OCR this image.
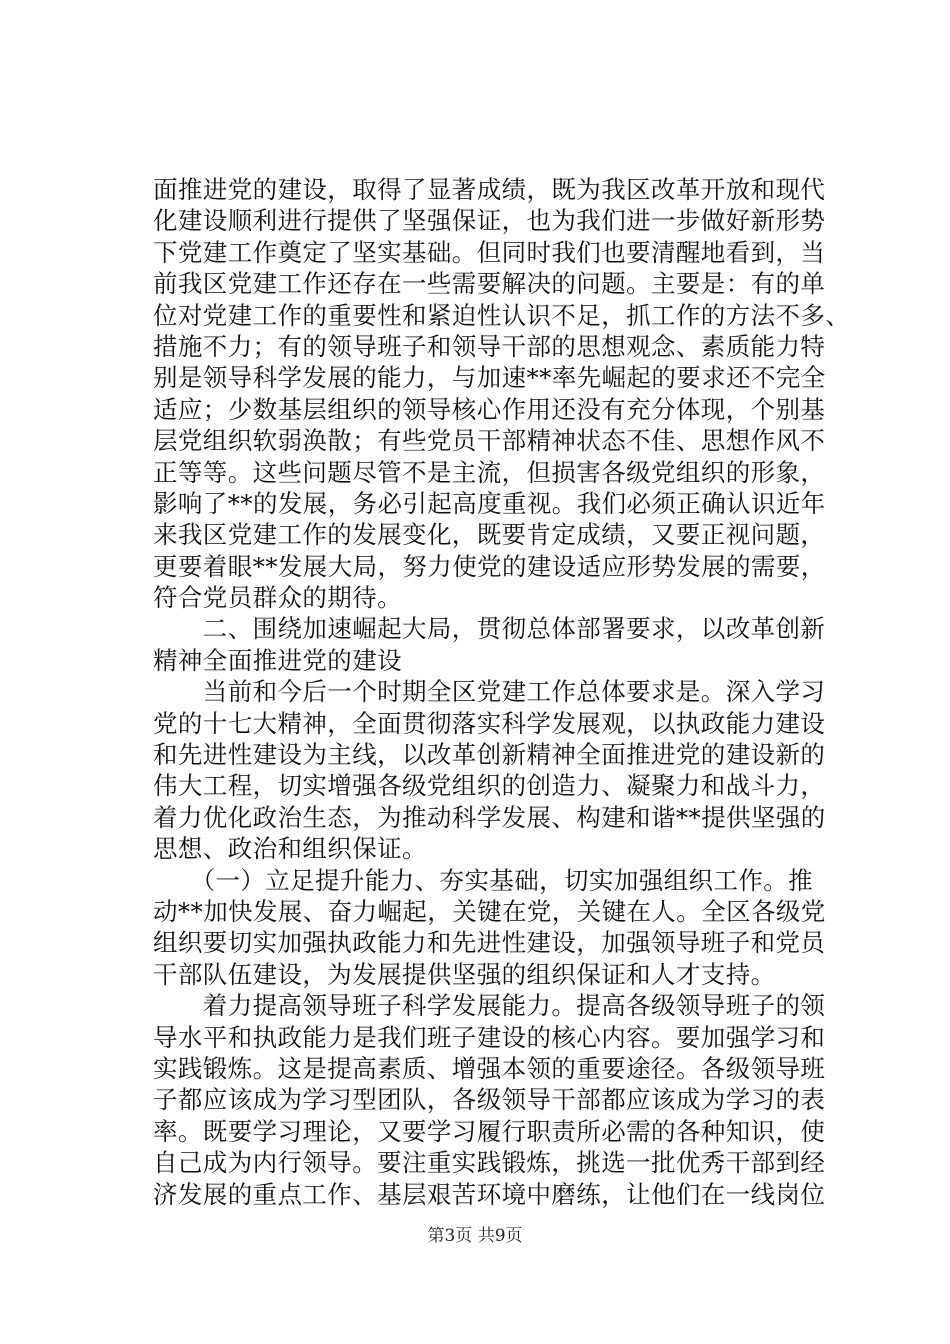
面推进党的建设，取得了显著成绩，既为我区改革开放和现代
化建设顺利进行提供了坚强保证，也为我们进一步做好新形势
下党建工作奠定了坚实基础。但同时我们也要清醒地看到，当
前我区党建工作还存在一些需要解决的问题。主要是：有的单
位对党建工作的重要性和紧迫性认识不足，抓工作的方法不多、
措施不力；有的领导班子和领导干部的思想观念、素质能力特
别是领导科学发展的能力，与加速**率先崛起的要求还不完全
适应；少数基层组织的领导核心作用还没有充分体现，个别基
层党组织软弱涣散；有些党员干部精神状态不佳、思想作风不
正等等。这些问题尽管不是主流，但损害各级党组织的形象，
影响了**的发展，务必引起高度重视。我们必须正确认识近年
来我区党建工作的发展变化，既要肯定成绩，又要正视问题，
更要着眼**发展大局，努力使党的建设适应形势发展的需要，
符合党员群众的期待。
　　二、围绕加速崛起大局，贯彻总体部署要求，以改革创新
精神全面推进党的建设
　　当前和今后一个时期全区党建工作总体要求是。深入学习
党的十七大精神，全面贯彻落实科学发展观，以执政能力建设
和先进性建设为主线，以改革创新精神全面推进党的建设新的
伟大工程，切实增强各级党组织的创造力、凝聚力和战斗力，
着力优化政治生态，为推动科学发展、构建和谐**提供坚强的
思想、政治和组织保证。
　　（一）立足提升能力、夯实基础，切实加强组织工作。推
动**加快发展、奋力崛起，关键在党，关键在人。全区各级党
组织要切实加强执政能力和先进性建设，加强领导班子和党员
干部队伍建设，为发展提供坚强的组织保证和人才支持。
　　着力提高领导班子科学发展能力。提高各级领导班子的领
导水平和执政能力是我们班子建设的核心内容。要加强学习和
实践锻炼。这是提高素质、增强本领的重要途径。各级领导班
子都应该成为学习型团队，各级领导干部都应该成为学习的表
率。既要学习理论，又要学习履行职责所必需的各种知识，使
自己成为内行领导。要注重实践锻炼，挑选一批优秀干部到经
济发展的重点工作、基层艰苦环境中磨练，让他们在一线岗位
第3页 共9页
